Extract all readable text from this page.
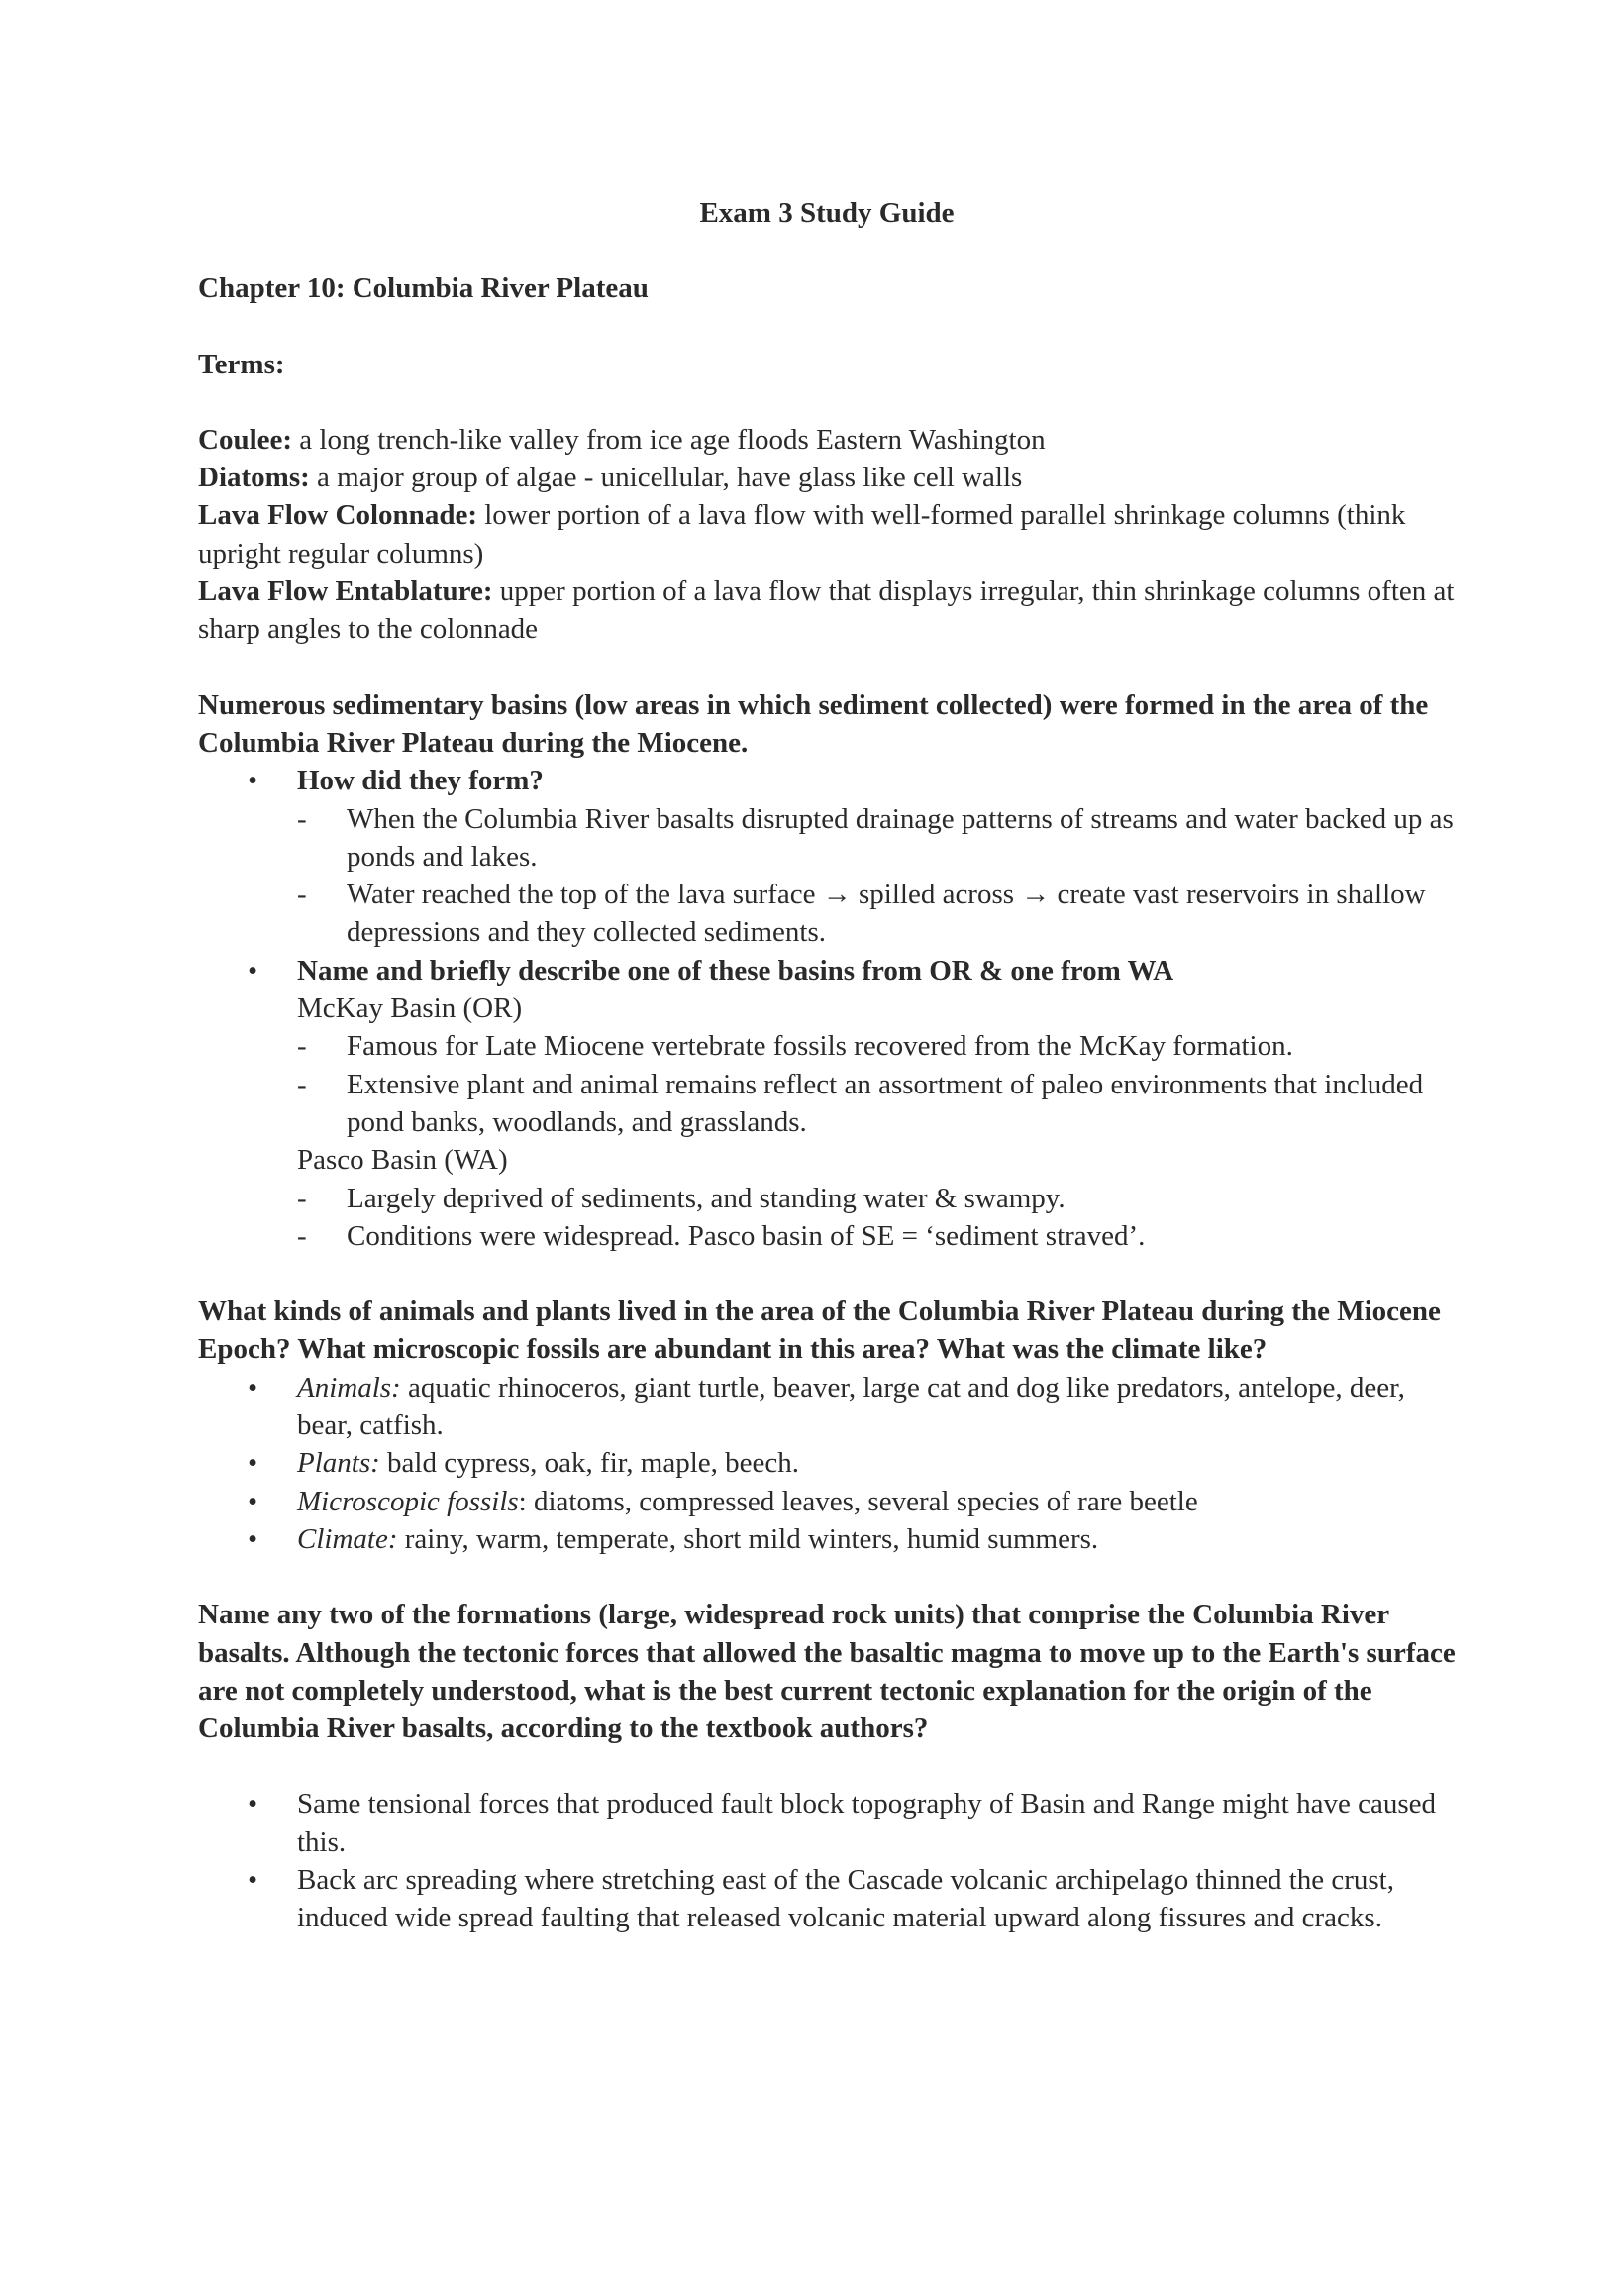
Exam 3 Study Guide

Chapter 10: Columbia River Plateau

Terms:

Coulee: a long trench-like valley from ice age floods Eastern Washington

Diatoms: a major group of algae - unicellular, have glass like cell walls

Lava Flow Colonnade: lower portion of a lava flow with well-formed parallel shrinkage columns (think upright regular columns)

Lava Flow Entablature: upper portion of a lava flow that displays irregular, thin shrinkage columns often at sharp angles to the colonnade

Numerous sedimentary basins (low areas in which sediment collected) were formed in the area of the Columbia River Plateau during the Miocene.

• How did they form?
- When the Columbia River basalts disrupted drainage patterns of streams and water backed up as ponds and lakes.
- Water reached the top of the lava surface → spilled across → create vast reservoirs in shallow depressions and they collected sediments.
• Name and briefly describe one of these basins from OR & one from WA
McKay Basin (OR)
- Famous for Late Miocene vertebrate fossils recovered from the McKay formation.
- Extensive plant and animal remains reflect an assortment of paleo environments that included pond banks, woodlands, and grasslands.
Pasco Basin (WA)
- Largely deprived of sediments, and standing water & swampy.
- Conditions were widespread. Pasco basin of SE = ‘sediment straved’.

What kinds of animals and plants lived in the area of the Columbia River Plateau during the Miocene Epoch? What microscopic fossils are abundant in this area? What was the climate like?

• Animals: aquatic rhinoceros, giant turtle, beaver, large cat and dog like predators, antelope, deer, bear, catfish.
• Plants: bald cypress, oak, fir, maple, beech.
• Microscopic fossils: diatoms, compressed leaves, several species of rare beetle
• Climate: rainy, warm, temperate, short mild winters, humid summers.

Name any two of the formations (large, widespread rock units) that comprise the Columbia River basalts. Although the tectonic forces that allowed the basaltic magma to move up to the Earth's surface are not completely understood, what is the best current tectonic explanation for the origin of the Columbia River basalts, according to the textbook authors?

• Same tensional forces that produced fault block topography of Basin and Range might have caused this.
• Back arc spreading where stretching east of the Cascade volcanic archipelago thinned the crust, induced wide spread faulting that released volcanic material upward along fissures and cracks.
